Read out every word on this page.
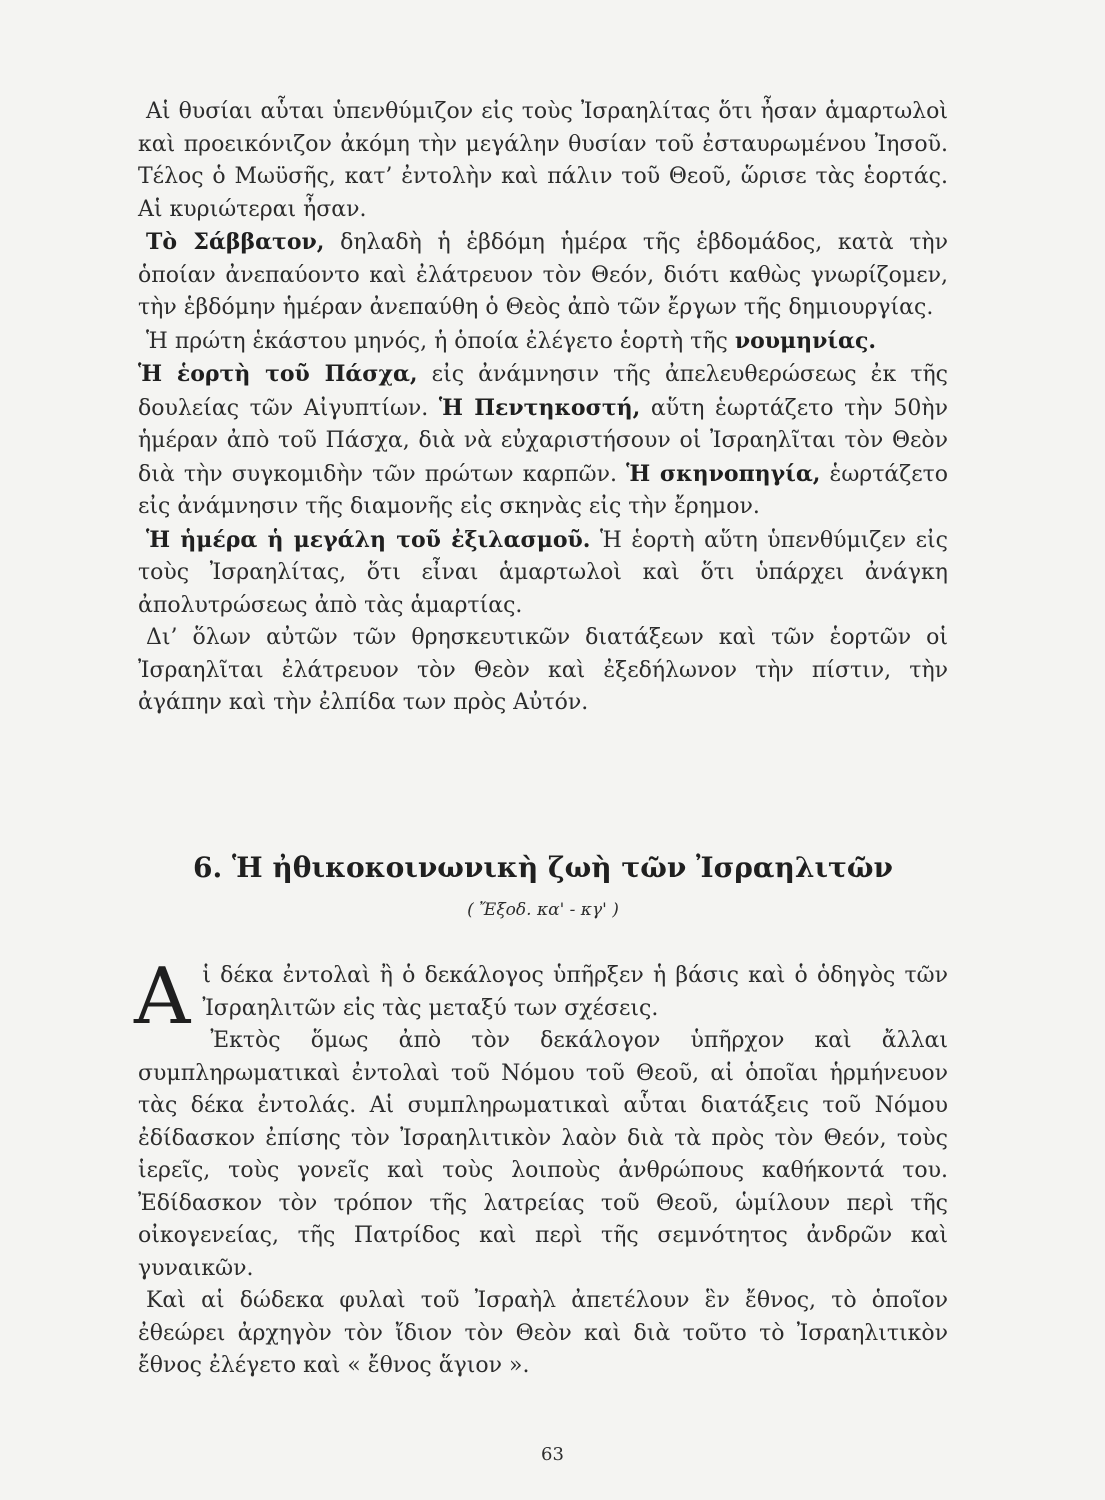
Αἱ θυσίαι αὗται ὑπενθύμιζον εἰς τοὺς Ἰσραηλίτας ὅτι ἦσαν ἁμαρτωλοὶ καὶ προεικόνιζον ἀκόμη τὴν μεγάλην θυσίαν τοῦ ἐσταυρωμένου Ἰησοῦ. Τέλος ὁ Μωϋσῆς, κατ’ ἐντολὴν καὶ πάλιν τοῦ Θεοῦ, ὥρισε τὰς ἑορτάς. Αἱ κυριώτεραι ἦσαν.

Τὸ Σάββατον, δηλαδὴ ἡ ἑβδόμη ἡμέρα τῆς ἑβδομάδος, κατὰ τὴν ὁποίαν ἀνεπαύοντο καὶ ἐλάτρευον τὸν Θεόν, διότι καθὼς γνωρίζομεν, τὴν ἑβδόμην ἡμέραν ἀνεπαύθη ὁ Θεὸς ἀπὸ τῶν ἔργων τῆς δημιουργίας.

Ἡ πρώτη ἑκάστου μηνός, ἡ ὁποία ἐλέγετο ἑορτὴ τῆς νουμηνίας.

Ἡ ἑορτὴ τοῦ Πάσχα, εἰς ἀνάμνησιν τῆς ἀπελευθερώσεως ἐκ τῆς δουλείας τῶν Αἰγυπτίων. Ἡ Πεντηκοστή, αὕτη ἑωρτάζετο τὴν 50ὴν ἡμέραν ἀπὸ τοῦ Πάσχα, διὰ νὰ εὐχαριστήσουν οἱ Ἰσραηλῖται τὸν Θεὸν διὰ τὴν συγκομιδὴν τῶν πρώτων καρπῶν. Ἡ σκηνοπηγία, ἑωρτάζετο εἰς ἀνάμνησιν τῆς διαμονῆς εἰς σκηνὰς εἰς τὴν ἔρημον.

Ἡ ἡμέρα ἡ μεγάλη τοῦ ἐξιλασμοῦ. Ἡ ἑορτὴ αὕτη ὑπενθύμιζεν εἰς τοὺς Ἰσραηλίτας, ὅτι εἶναι ἁμαρτωλοὶ καὶ ὅτι ὑπάρχει ἀνάγκη ἀπολυτρώσεως ἀπὸ τὰς ἁμαρτίας.

Δι’ ὅλων αὐτῶν τῶν θρησκευτικῶν διατάξεων καὶ τῶν ἑορτῶν οἱ Ἰσραηλῖται ἐλάτρευον τὸν Θεὸν καὶ ἐξεδήλωνον τὴν πίστιν, τὴν ἀγάπην καὶ τὴν ἐλπίδα των πρὸς Αὐτόν.

6. Ἡ ἠθικοκοινωνικὴ ζωὴ τῶν Ἰσραηλιτῶν
( Ἔξοδ. κα' - κγ' )

Αἱ δέκα ἐντολαὶ ἢ ὁ δεκάλογος ὑπῆρξεν ἡ βάσις καὶ ὁ ὁδηγὸς τῶν Ἰσραηλιτῶν εἰς τὰς μεταξύ των σχέσεις.

Ἐκτὸς ὅμως ἀπὸ τὸν δεκάλογον ὑπῆρχον καὶ ἄλλαι συμπληρωματικαὶ ἐντολαὶ τοῦ Νόμου τοῦ Θεοῦ, αἱ ὁποῖαι ἡρμήνευον τὰς δέκα ἐντολάς. Αἱ συμπληρωματικαὶ αὗται διατάξεις τοῦ Νόμου ἐδίδασκον ἐπίσης τὸν Ἰσραηλιτικὸν λαὸν διὰ τὰ πρὸς τὸν Θεόν, τοὺς ἱερεῖς, τοὺς γονεῖς καὶ τοὺς λοιποὺς ἀνθρώπους καθήκοντά του. Ἐδίδασκον τὸν τρόπον τῆς λατρείας τοῦ Θεοῦ, ὡμίλουν περὶ τῆς οἰκογενείας, τῆς Πατρίδος καὶ περὶ τῆς σεμνότητος ἀνδρῶν καὶ γυναικῶν.

Καὶ αἱ δώδεκα φυλαὶ τοῦ Ἰσραὴλ ἀπετέλουν ἓν ἔθνος, τὸ ὁποῖον ἐθεώρει ἀρχηγὸν τὸν ἴδιον τὸν Θεὸν καὶ διὰ τοῦτο τὸ Ἰσραηλιτικὸν ἔθνος ἐλέγετο καὶ « ἔθνος ἅγιον ».

63
